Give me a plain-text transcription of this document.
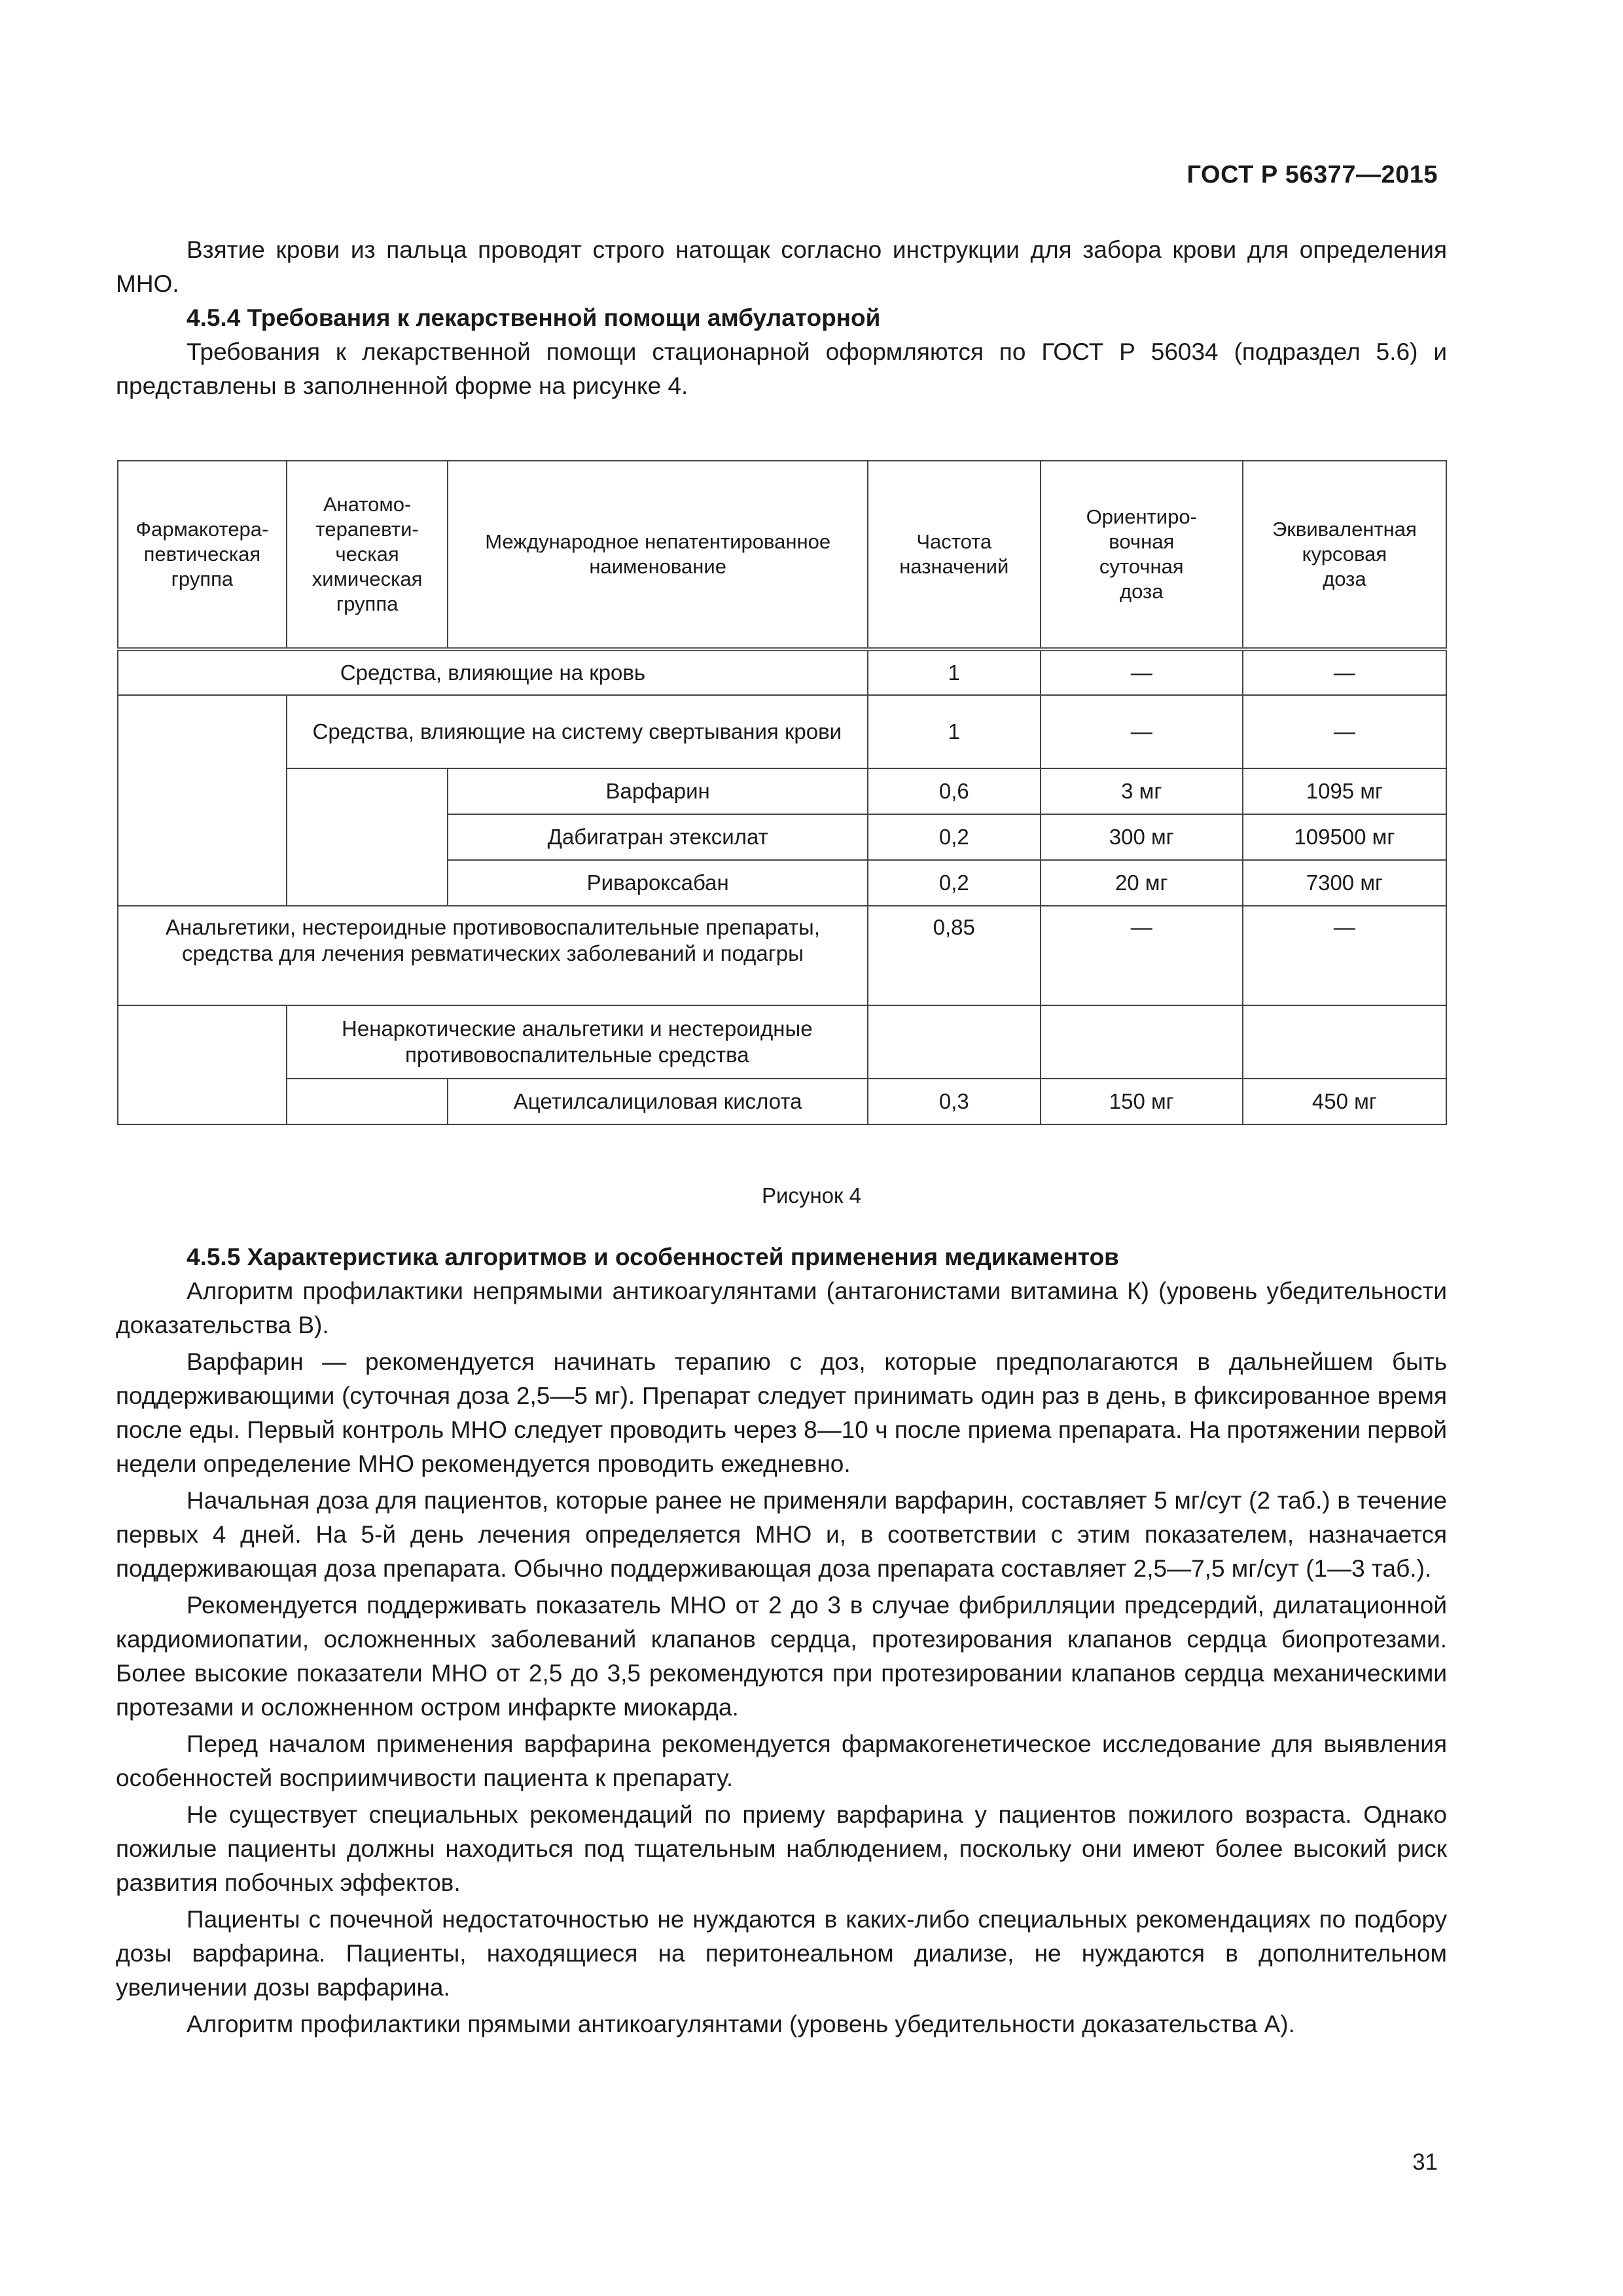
ГОСТ Р 56377—2015

Взятие крови из пальца проводят строго натощак согласно инструкции для забора крови для определения МНО.

4.5.4 Требования к лекарственной помощи амбулаторной

Требования к лекарственной помощи стационарной оформляются по ГОСТ Р 56034 (подраздел 5.6) и представлены в заполненной форме на рисунке 4.

Фармакотера-
певтическая
группа	Анатомо-
терапевти-
ческая
химическая
группа	Международное непатентированное наименование	Частота
назначений	Ориентиро-
вочная
суточная
доза	Эквивалентная
курсовая
доза
Средства, влияющие на кровь			1	—	—
	Средства, влияющие на систему свертывания крови		1	—	—
		Варфарин	0,6	3 мг	1095 мг
		Дабигатран этексилат	0,2	300 мг	109500 мг
		Ривароксабан	0,2	20 мг	7300 мг
Анальгетики, нестероидные противовоспалительные препараты, средства для лечения ревматических заболеваний и подагры			0,85	—	—
	Ненаркотические анальгетики и нестероидные противовоспалительные средства				
		Ацетилсалициловая кислота	0,3	150 мг	450 мг
Рисунок 4

4.5.5 Характеристика алгоритмов и особенностей применения медикаментов

Алгоритм профилактики непрямыми антикоагулянтами (антагонистами витамина К) (уровень убедительности доказательства В).

Варфарин — рекомендуется начинать терапию с доз, которые предполагаются в дальнейшем быть поддерживающими (суточная доза 2,5—5 мг). Препарат следует принимать один раз в день, в фиксированное время после еды. Первый контроль МНО следует проводить через 8—10 ч после приема препарата. На протяжении первой недели определение МНО рекомендуется проводить ежедневно.

Начальная доза для пациентов, которые ранее не применяли варфарин, составляет 5 мг/сут (2 таб.) в течение первых 4 дней. На 5-й день лечения определяется МНО и, в соответствии с этим показателем, назначается поддерживающая доза препарата. Обычно поддерживающая доза препарата составляет 2,5—7,5 мг/сут (1—3 таб.).

Рекомендуется поддерживать показатель МНО от 2 до 3 в случае фибрилляции предсердий, дилатационной кардиомиопатии, осложненных заболеваний клапанов сердца, протезирования клапанов сердца биопротезами. Более высокие показатели МНО от 2,5 до 3,5 рекомендуются при протезировании клапанов сердца механическими протезами и осложненном остром инфаркте миокарда.

Перед началом применения варфарина рекомендуется фармакогенетическое исследование для выявления особенностей восприимчивости пациента к препарату.

Не существует специальных рекомендаций по приему варфарина у пациентов пожилого возраста. Однако пожилые пациенты должны находиться под тщательным наблюдением, поскольку они имеют более высокий риск развития побочных эффектов.

Пациенты с почечной недостаточностью не нуждаются в каких-либо специальных рекомендациях по подбору дозы варфарина. Пациенты, находящиеся на перитонеальном диализе, не нуждаются в дополнительном увеличении дозы варфарина.

Алгоритм профилактики прямыми антикоагулянтами (уровень убедительности доказательства А).

31
